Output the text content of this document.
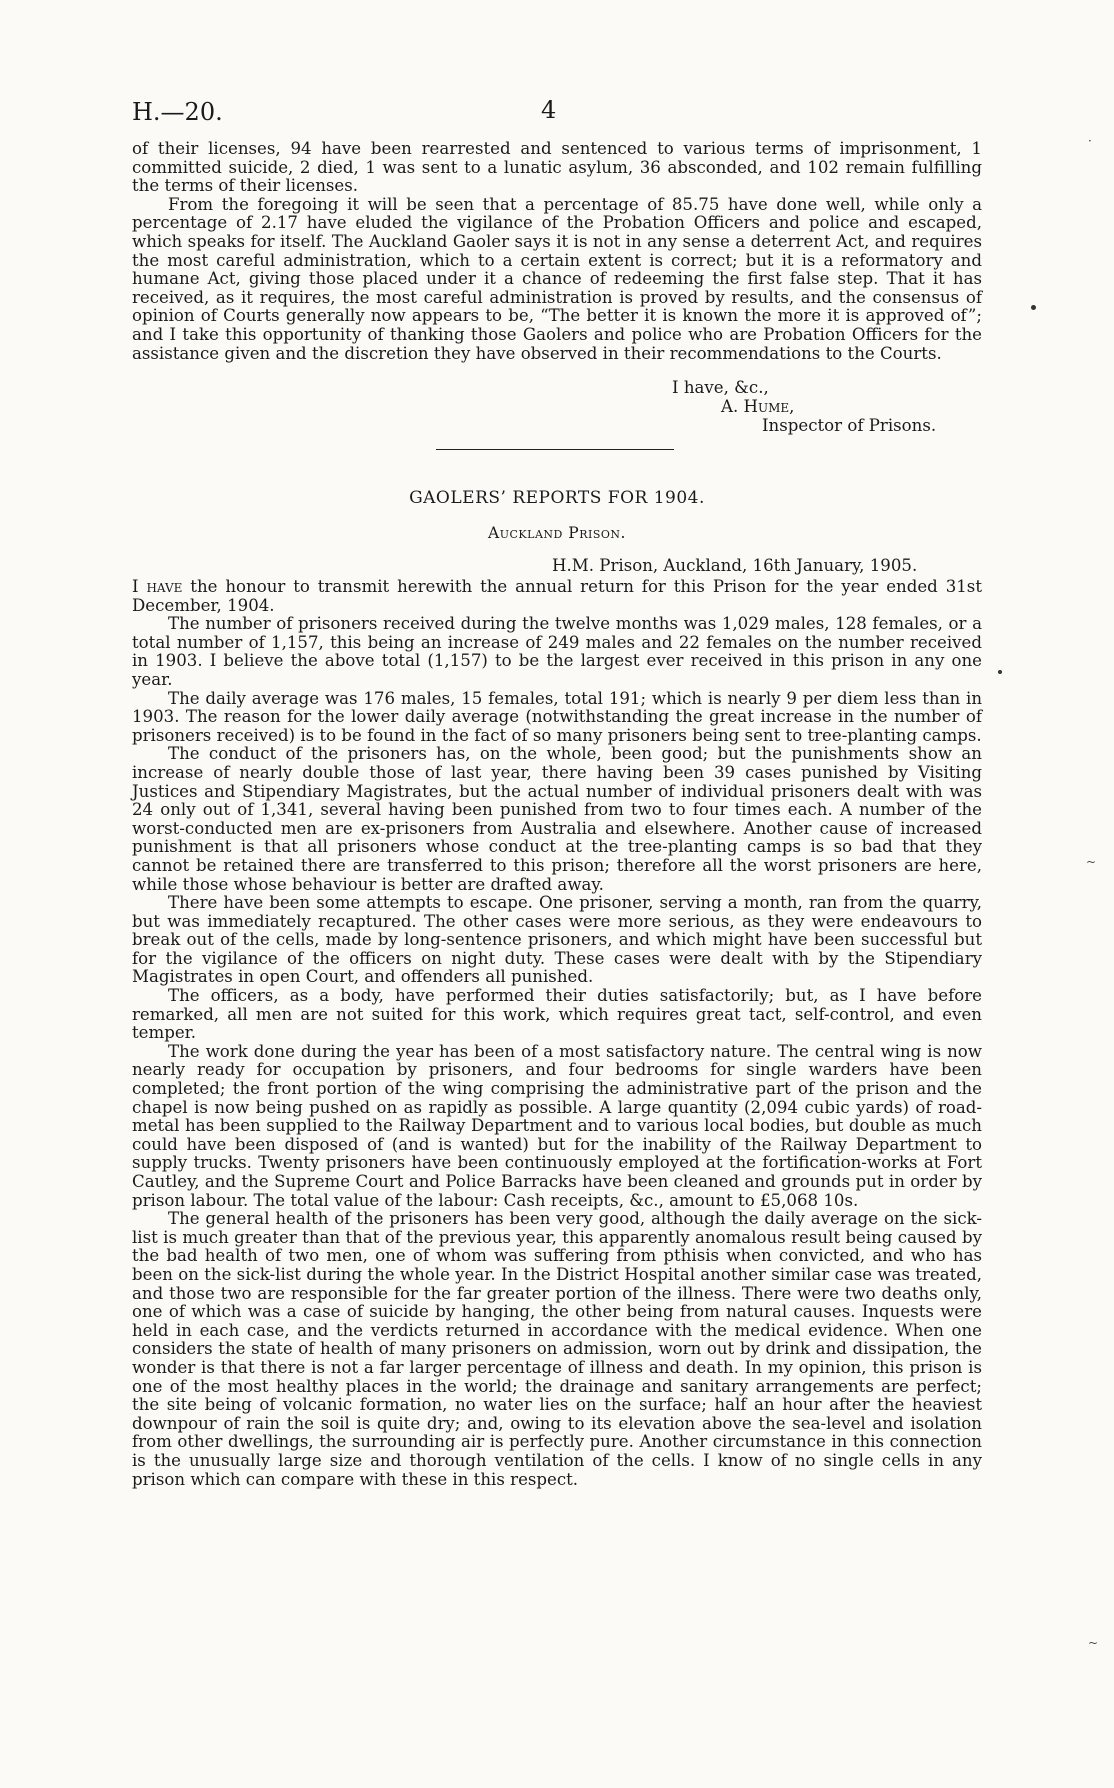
H.—20.	4

of their licenses, 94 have been rearrested and sentenced to various terms of imprisonment, 1 committed suicide, 2 died, 1 was sent to a lunatic asylum, 36 absconded, and 102 remain fulfilling the terms of their licenses.

From the foregoing it will be seen that a percentage of 85.75 have done well, while only a percentage of 2.17 have eluded the vigilance of the Probation Officers and police and escaped, which speaks for itself. The Auckland Gaoler says it is not in any sense a deterrent Act, and requires the most careful administration, which to a certain extent is correct; but it is a reformatory and humane Act, giving those placed under it a chance of redeeming the first false step. That it has received, as it requires, the most careful administration is proved by results, and the consensus of opinion of Courts generally now appears to be, “The better it is known the more it is approved of”; and I take this opportunity of thanking those Gaolers and police who are Probation Officers for the assistance given and the discretion they have observed in their recommendations to the Courts.

I have, &c.,
A. Hume,
Inspector of Prisons.
GAOLERS’ REPORTS FOR 1904.
Auckland Prison.
H.M. Prison, Auckland, 16th January, 1905.

I have the honour to transmit herewith the annual return for this Prison for the year ended 31st December, 1904.

The number of prisoners received during the twelve months was 1,029 males, 128 females, or a total number of 1,157, this being an increase of 249 males and 22 females on the number received in 1903. I believe the above total (1,157) to be the largest ever received in this prison in any one year.

The daily average was 176 males, 15 females, total 191; which is nearly 9 per diem less than in 1903. The reason for the lower daily average (notwithstanding the great increase in the number of prisoners received) is to be found in the fact of so many prisoners being sent to tree-planting camps.

The conduct of the prisoners has, on the whole, been good; but the punishments show an increase of nearly double those of last year, there having been 39 cases punished by Visiting Justices and Stipendiary Magistrates, but the actual number of individual prisoners dealt with was 24 only out of 1,341, several having been punished from two to four times each. A number of the worst-conducted men are ex-prisoners from Australia and elsewhere. Another cause of increased punishment is that all prisoners whose conduct at the tree-planting camps is so bad that they cannot be retained there are transferred to this prison; therefore all the worst prisoners are here, while those whose behaviour is better are drafted away.

There have been some attempts to escape. One prisoner, serving a month, ran from the quarry, but was immediately recaptured. The other cases were more serious, as they were endeavours to break out of the cells, made by long-sentence prisoners, and which might have been successful but for the vigilance of the officers on night duty. These cases were dealt with by the Stipendiary Magistrates in open Court, and offenders all punished.

The officers, as a body, have performed their duties satisfactorily; but, as I have before remarked, all men are not suited for this work, which requires great tact, self-control, and even temper.

The work done during the year has been of a most satisfactory nature. The central wing is now nearly ready for occupation by prisoners, and four bedrooms for single warders have been completed; the front portion of the wing comprising the administrative part of the prison and the chapel is now being pushed on as rapidly as possible. A large quantity (2,094 cubic yards) of road-metal has been supplied to the Railway Department and to various local bodies, but double as much could have been disposed of (and is wanted) but for the inability of the Railway Department to supply trucks. Twenty prisoners have been continuously employed at the fortification-works at Fort Cautley, and the Supreme Court and Police Barracks have been cleaned and grounds put in order by prison labour. The total value of the labour: Cash receipts, &c., amount to £5,068 10s.

The general health of the prisoners has been very good, although the daily average on the sick-list is much greater than that of the previous year, this apparently anomalous result being caused by the bad health of two men, one of whom was suffering from pthisis when convicted, and who has been on the sick-list during the whole year. In the District Hospital another similar case was treated, and those two are responsible for the far greater portion of the illness. There were two deaths only, one of which was a case of suicide by hanging, the other being from natural causes. Inquests were held in each case, and the verdicts returned in accordance with the medical evidence. When one considers the state of health of many prisoners on admission, worn out by drink and dissipation, the wonder is that there is not a far larger percentage of illness and death. In my opinion, this prison is one of the most healthy places in the world; the drainage and sanitary arrangements are perfect; the site being of volcanic formation, no water lies on the surface; half an hour after the heaviest downpour of rain the soil is quite dry; and, owing to its elevation above the sea-level and isolation from other dwellings, the surrounding air is perfectly pure. Another circumstance in this connection is the unusually large size and thorough ventilation of the cells. I know of no single cells in any prison which can compare with these in this respect.

·
~
~
